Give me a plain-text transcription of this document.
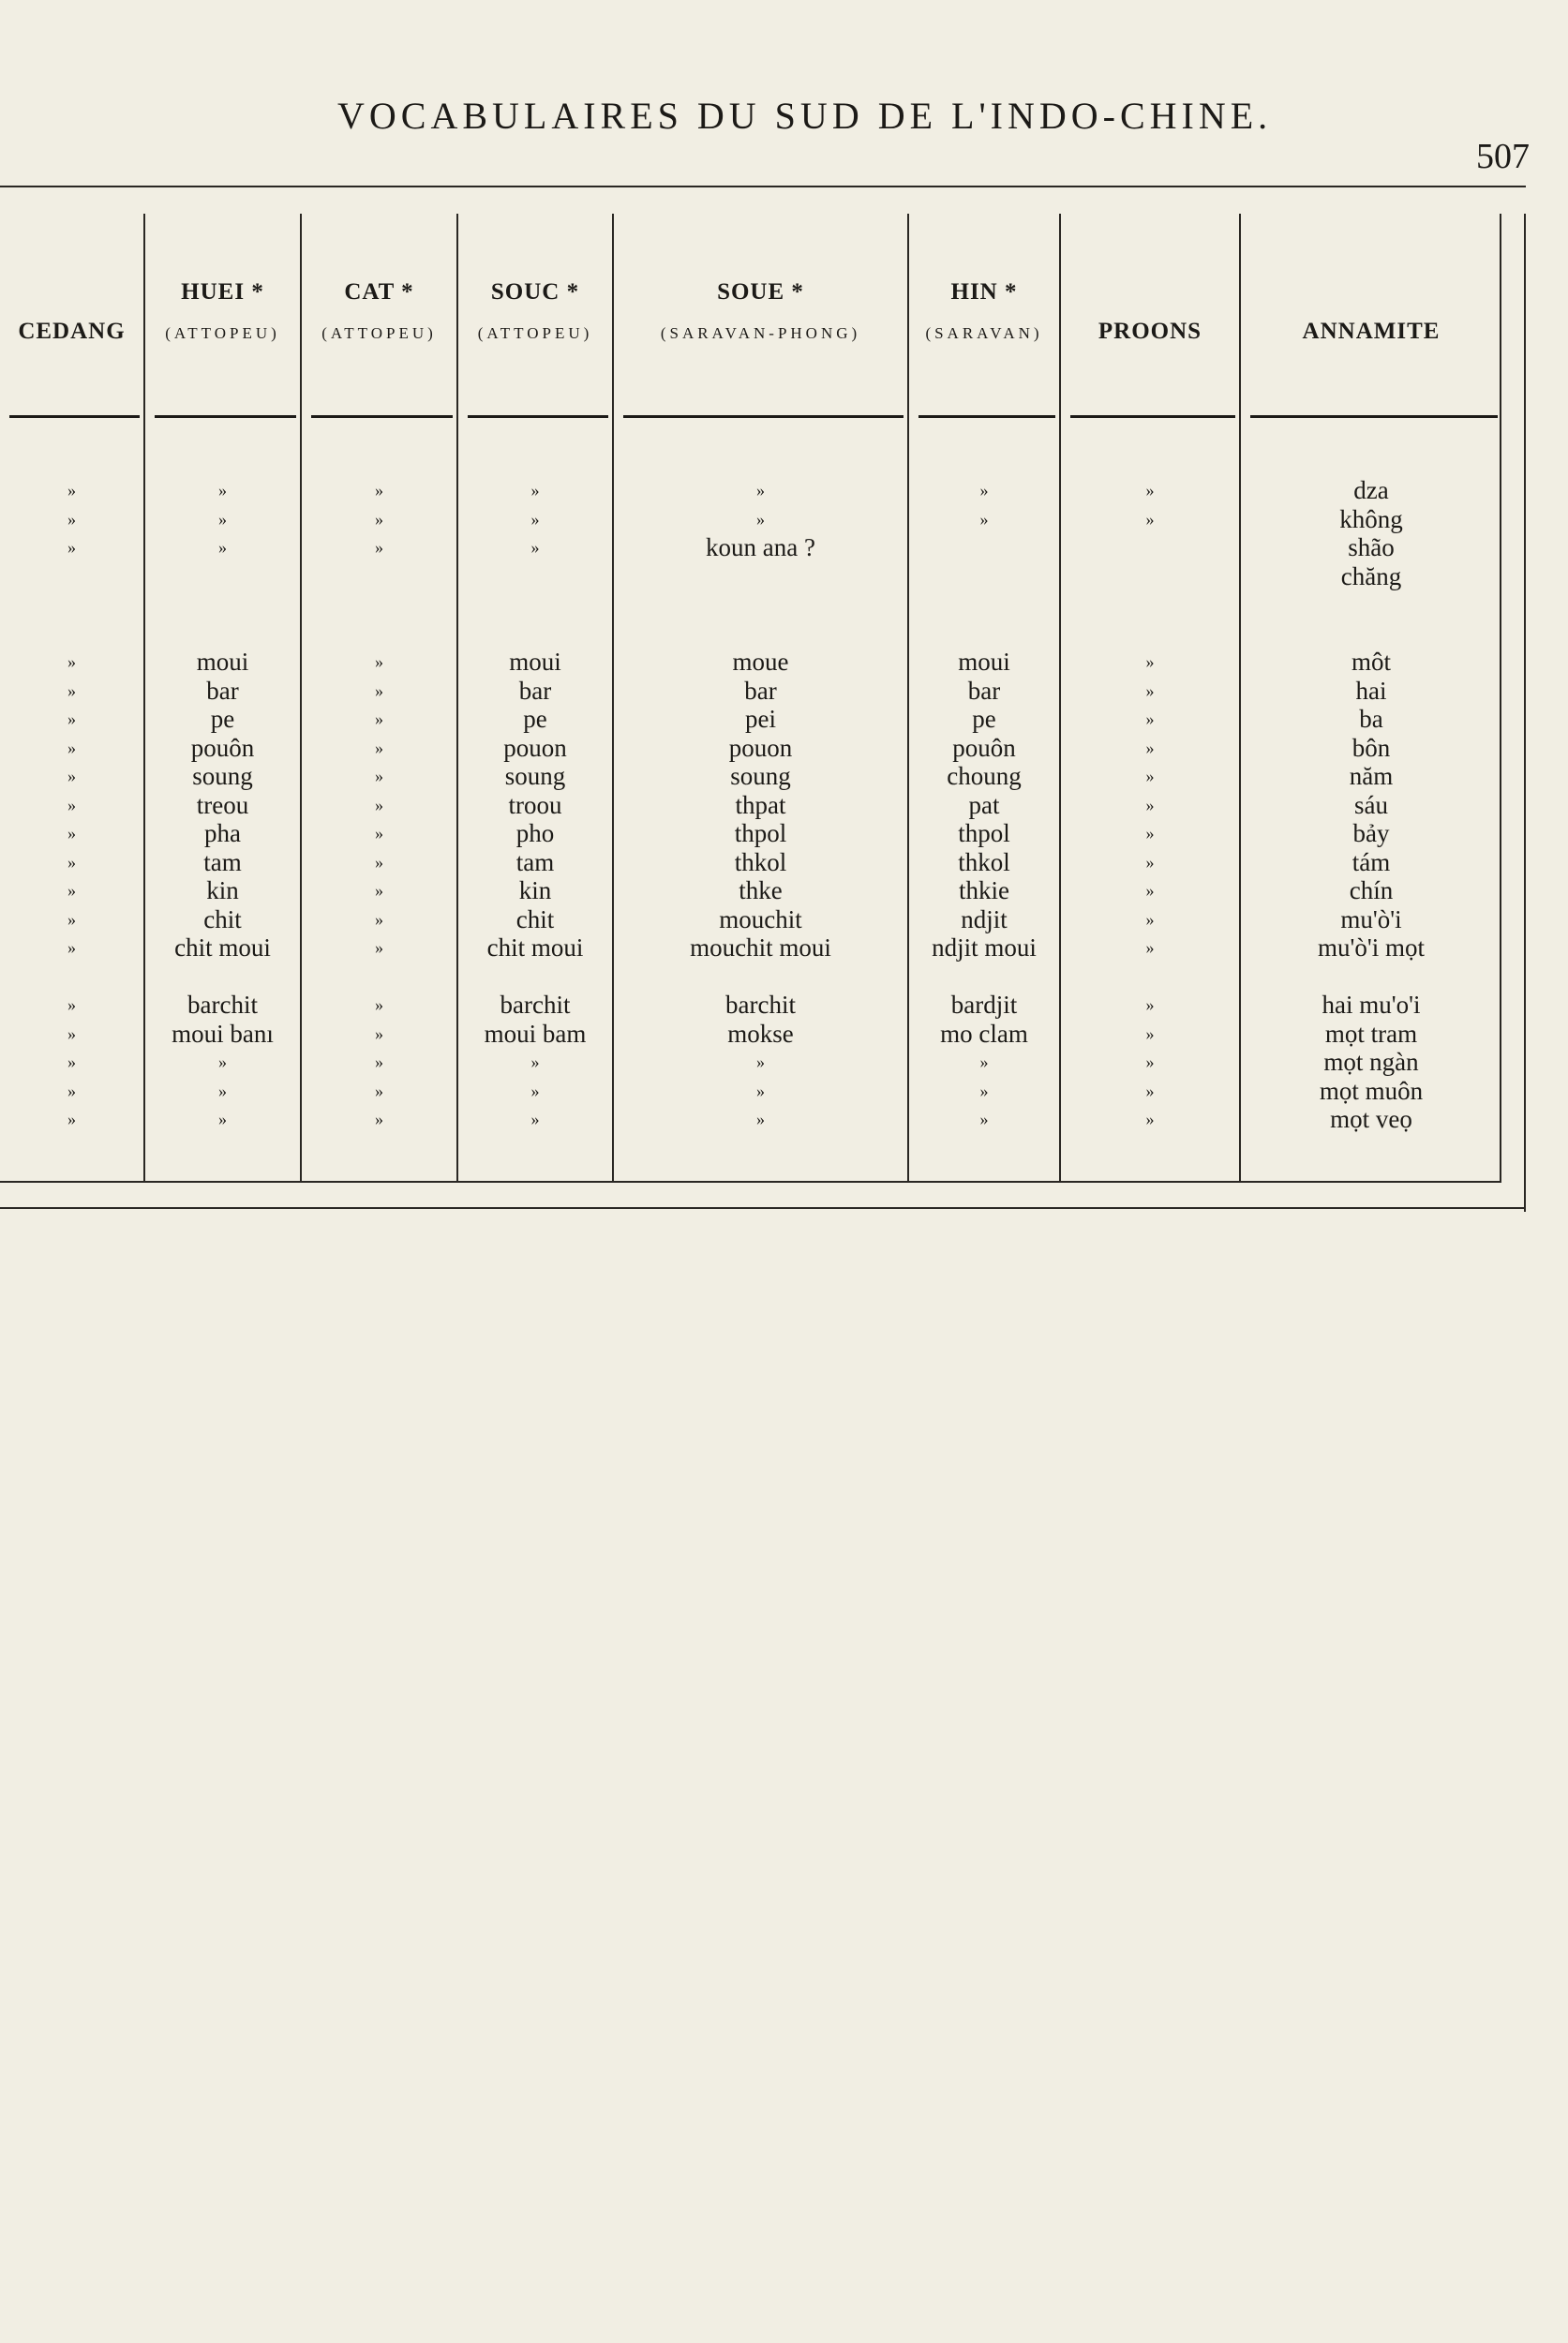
VOCABULAIRES DU SUD DE L'INDO-CHINE.
507
CEDANG
»
»
»
»
»
»
»
»
»
»
»
»
»
»
»
»
»
»
»
HUEI *
(ATTOPEU)
»
»
»
moui
bar
pe
pouôn
soung
treou
pha
tam
kin
chit
chit moui
barchit
moui banı
»
»
»
CAT *
(ATTOPEU)
»
»
»
»
»
»
»
»
»
»
»
»
»
»
»
»
»
»
»
SOUC *
(ATTOPEU)
»
»
»
moui
bar
pe
pouon
soung
troou
pho
tam
kin
chit
chit moui
barchit
moui bam
»
»
»
SOUE *
(SARAVAN-PHONG)
»
»
koun ana ?
moue
bar
pei
pouon
soung
thpat
thpol
thkol
thke
mouchit
mouchit moui
barchit
mokse
»
»
»
HIN *
(SARAVAN)
»
»
moui
bar
pe
pouôn
choung
pat
thpol
thkol
thkie
ndjit
ndjit moui
bardjit
mo clam
»
»
»
PROONS
»
»
»
»
»
»
»
»
»
»
»
»
»
»
»
»
»
»
ANNAMITE
dza
không
shão
chăng
môt
hai
ba
bôn
năm
sáu
bảy
tám
chín
mu'ò'i
mu'ò'i mọt
hai mu'o'i
mọt tram
mọt ngàn
mọt muôn
mọt veọ
